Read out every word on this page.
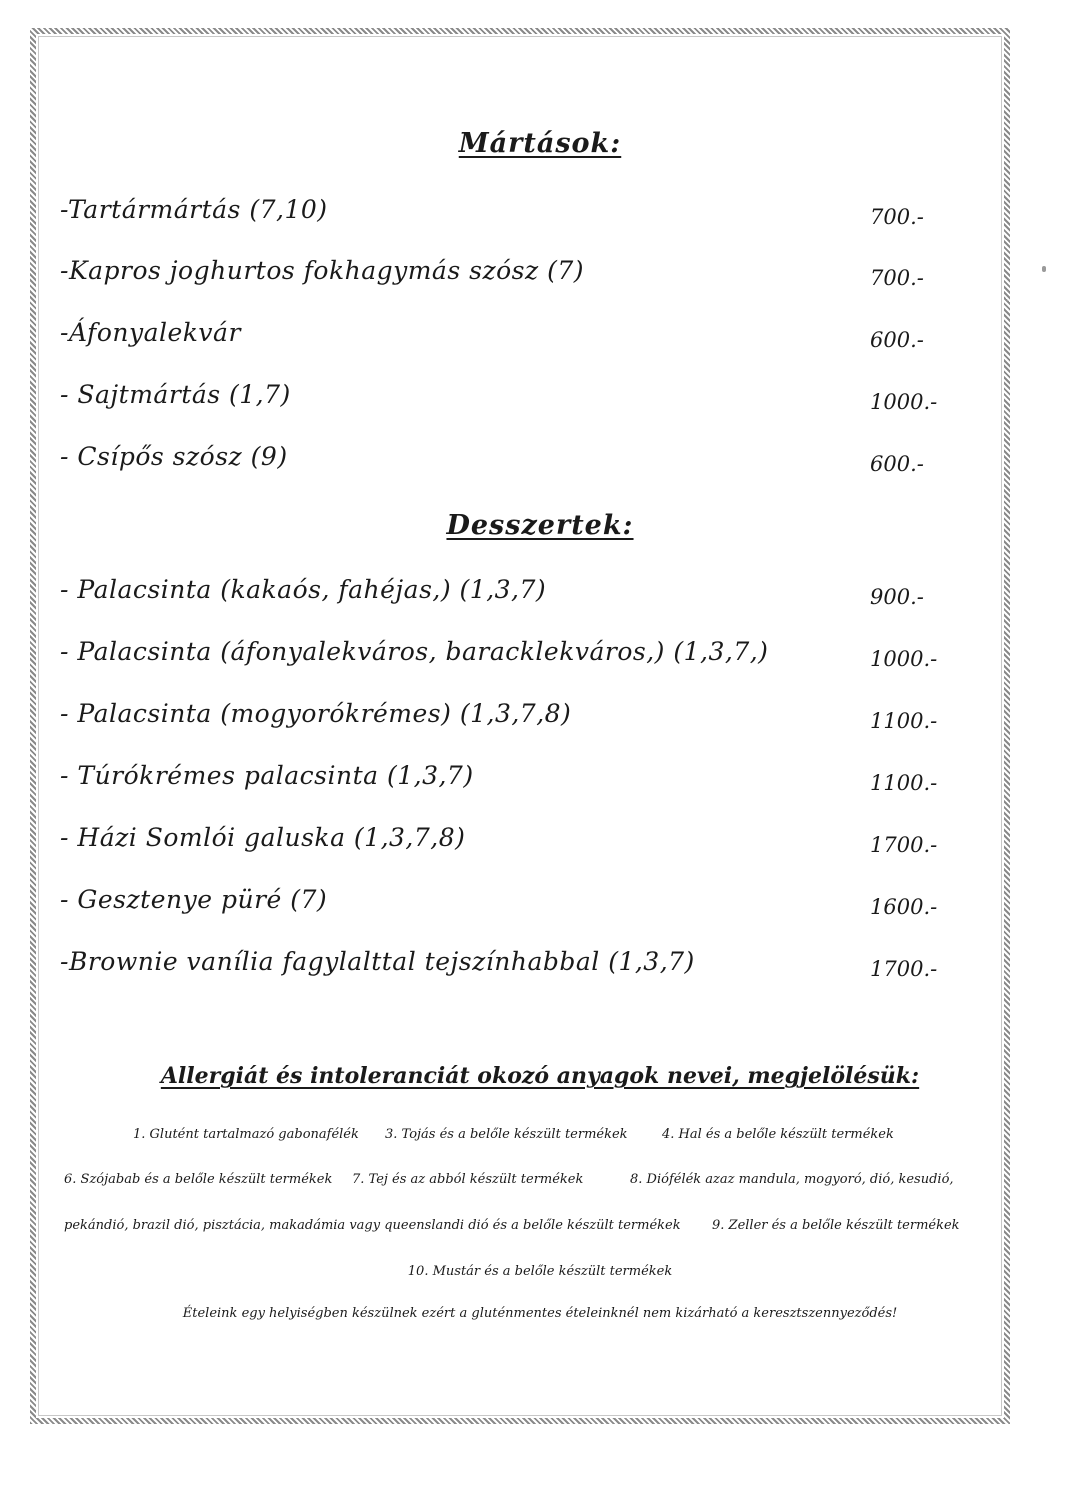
Mártások:
-Tartármártás (7,10)	700.-
-Kapros joghurtos fokhagymás szósz (7)	700.-
-Áfonyalekvár	600.-
- Sajtmártás (1,7)	1000.-
- Csípős szósz (9)	600.-
Desszertek:
- Palacsinta (kakaós, fahéjas,) (1,3,7)	900.-
- Palacsinta (áfonyalekváros, baracklekváros,) (1,3,7,)	1000.-
- Palacsinta (mogyorókrémes) (1,3,7,8)	1100.-
- Túrókrémes palacsinta (1,3,7)	1100.-
- Házi Somlói galuska (1,3,7,8)	1700.-
- Gesztenye püré (7)	1600.-
-Brownie vanília fagylalttal tejszínhabbal (1,3,7)	1700.-
Allergiát és intoleranciát okozó anyagok nevei, megjelölésük:
1. Glutént tartalmazó gabonafélék 3. Tojás és a belőle készült termékek	4. Hal és a belőle készült termékek
6. Szójabab és a belőle készült termékek 7. Tej és az abból készült termékek	8. Diófélék azaz mandula, mogyoró, dió, kesudió,
pekándió, brazil dió, pisztácia, makadámia vagy queenslandi dió és a belőle készült termékek 9. Zeller és a belőle készült termékek
10. Mustár és a belőle készült termékek
Ételeink egy helyiségben készülnek ezért a gluténmentes ételeinknél nem kizárható a keresztszennyeződés!
